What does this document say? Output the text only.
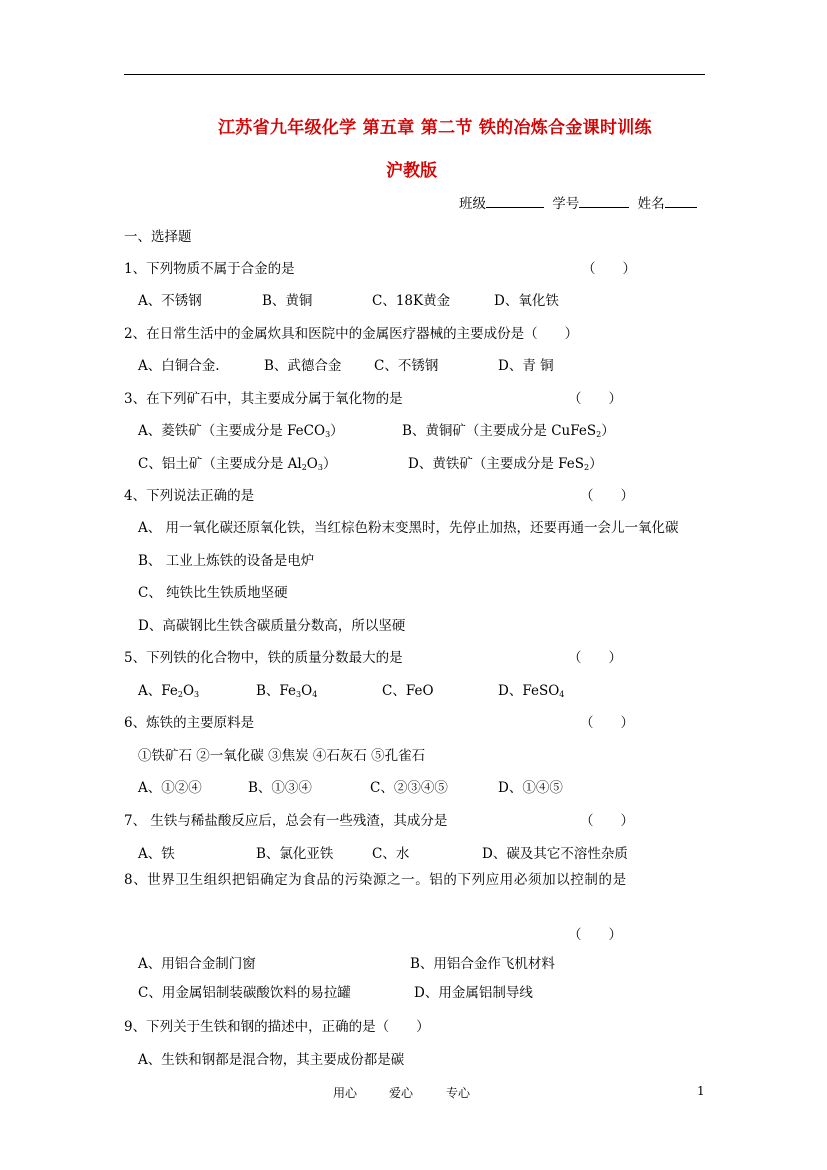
江苏省九年级化学 第五章 第二节 铁的冶炼合金课时训练
沪教版
班级	学号	姓名
一、选择题
1、下列物质不属于合金的是	（　　）
A、不锈钢	B、黄铜	C、18K黄金	D、氧化铁
2、在日常生活中的金属炊具和医院中的金属医疗器械的主要成份是（　　）
A、白铜合金.	B、武德合金 C、不锈钢	D、青 铜
3、在下列矿石中，其主要成分属于氧化物的是	（　　）
A、菱铁矿（主要成分是 FeCO$_3$）	B、黄铜矿（主要成分是 CuFeS$_2$）
C、铝土矿（主要成分是 $Al_2O_3$）	D、黄铁矿（主要成分是 FeS$_2$）
4、下列说法正确的是	（　　）
A、 用一氧化碳还原氧化铁，当红棕色粉末变黑时，先停止加热，还要再通一会儿一氧化碳
B、 工业上炼铁的设备是电炉
C、 纯铁比生铁质地坚硬
D、高碳钢比生铁含碳质量分数高，所以坚硬
5、下列铁的化合物中，铁的质量分数最大的是	（　　）
A、$Fe_2O_3$	B、$Fe_3O_4$	C、FeO	D、FeSO$_4$
6、炼铁的主要原料是	（　　）
①铁矿石 ②一氧化碳 ③焦炭 ④石灰石 ⑤孔雀石
A、①②④	B、①③④	C、②③④⑤	D、①④⑤
7、 生铁与稀盐酸反应后，总会有一些残渣，其成分是	（　　）
A、铁	B、氯化亚铁	C、水	D、碳及其它不溶性杂质
8、世界卫生组织把铝确定为食品的污染源之一。铝的下列应用必须加以控制的是
（　　）
A、用铝合金制门窗	B、用铝合金作飞机材料
C、用金属铝制装碳酸饮料的易拉罐	D、用金属铝制导线
9、下列关于生铁和钢的描述中，正确的是（　　）
A、生铁和钢都是混合物，其主要成份都是碳
用心	爱心	专心	1
